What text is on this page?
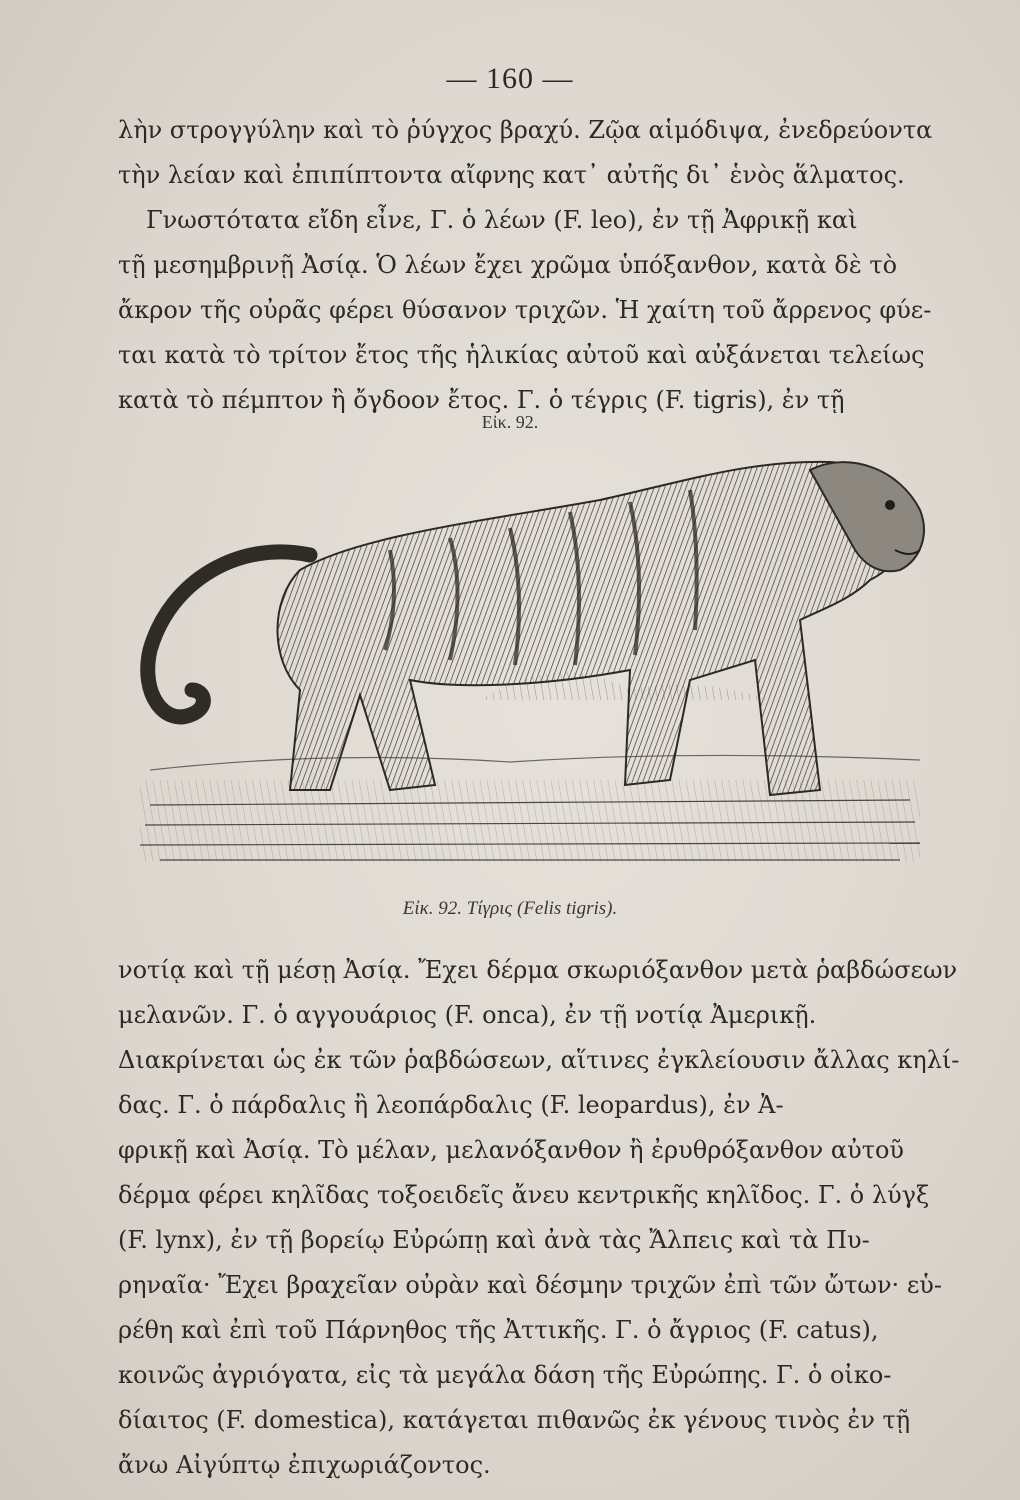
— 160 —

λὴν στρογγύλην καὶ τὸ ῥύγχος βραχύ. Ζῷα αἱμόδιψα, ἐνεδρεύοντα

τὴν λείαν καὶ ἐπιπίπτοντα αἴφνης κατ᾽ αὐτῆς δι᾽ ἑνὸς ἅλματος.

Γνωστότατα εἴδη εἶνε, Γ. ὁ λέων (F. leo), ἐν τῇ Ἀφρικῇ καὶ

τῇ μεσημβρινῇ Ἀσίᾳ. Ὁ λέων ἔχει χρῶμα ὑπόξανθον, κατὰ δὲ τὸ

ἄκρον τῆς οὐρᾶς φέρει θύσανον τριχῶν. Ἡ χαίτη τοῦ ἄρρενος φύε-

ται κατὰ τὸ τρίτον ἔτος τῆς ἡλικίας αὐτοῦ καὶ αὐξάνεται τελείως

κατὰ τὸ πέμπτον ἢ ὄγδοον ἔτος. Γ. ὁ τέγρις (F. tigris), ἐν τῇ

Εἰκ. 92.
Εἰκ. 92. Τίγρις (Felis tigris).

νοτίᾳ καὶ τῇ μέσῃ Ἀσίᾳ. Ἔχει δέρμα σκωριόξανθον μετὰ ῥαβδώσεων

μελανῶν. Γ. ὁ αγγουάριος (F. onca), ἐν τῇ νοτίᾳ Ἀμερικῇ.

Διακρίνεται ὡς ἐκ τῶν ῥαβδώσεων, αἵτινες ἐγκλείουσιν ἄλλας κηλί-

δας. Γ. ὁ πάρδαλις ἢ λεοπάρδαλις (F. leopardus), ἐν Ἀ-

φρικῇ καὶ Ἀσίᾳ. Τὸ μέλαν, μελανόξανθον ἢ ἐρυθρόξανθον αὐτοῦ

δέρμα φέρει κηλῖδας τοξοειδεῖς ἄνευ κεντρικῆς κηλῖδος. Γ. ὁ λύγξ

(F. lynx), ἐν τῇ βορείῳ Εὐρώπῃ καὶ ἀνὰ τὰς Ἄλπεις καὶ τὰ Πυ-

ρηναῖα· Ἔχει βραχεῖαν οὐρὰν καὶ δέσμην τριχῶν ἐπὶ τῶν ὤτων· εὑ-

ρέθη καὶ ἐπὶ τοῦ Πάρνηθος τῆς Ἀττικῆς. Γ. ὁ ἄγριος (F. catus),

κοινῶς ἀγριόγατα, εἰς τὰ μεγάλα δάση τῆς Εὐρώπης. Γ. ὁ οἰκο-

δίαιτος (F. domestica), κατάγεται πιθανῶς ἐκ γένους τινὸς ἐν τῇ

ἄνω Αἰγύπτῳ ἐπιχωριάζοντος.
